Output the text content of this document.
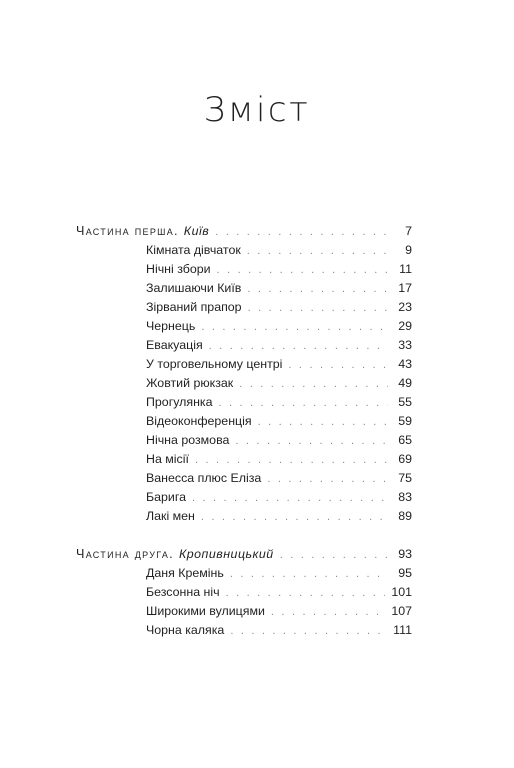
Зміст
Частина перша. Київ . . .	7
Кімната дівчаток . . .	9
Нічні збори . . .	11
Залишаючи Київ . . .	17
Зірваний прапор . . .	23
Чернець . . .	29
Евакуація . . .	33
У торговельному центрі . . .	43
Жовтий рюкзак . . .	49
Прогулянка . . .	55
Відеоконференція . . .	59
Нічна розмова . . .	65
На місії . . .	69
Ванесса плюс Еліза . . .	75
Барига . . .	83
Лакі мен . . .	89
Частина друга. Кропивницький . . .	93
Даня Кремінь . . .	95
Безсонна ніч . . .	101
Широкими вулицями . . .	107
Чорна каляка . . .	111
